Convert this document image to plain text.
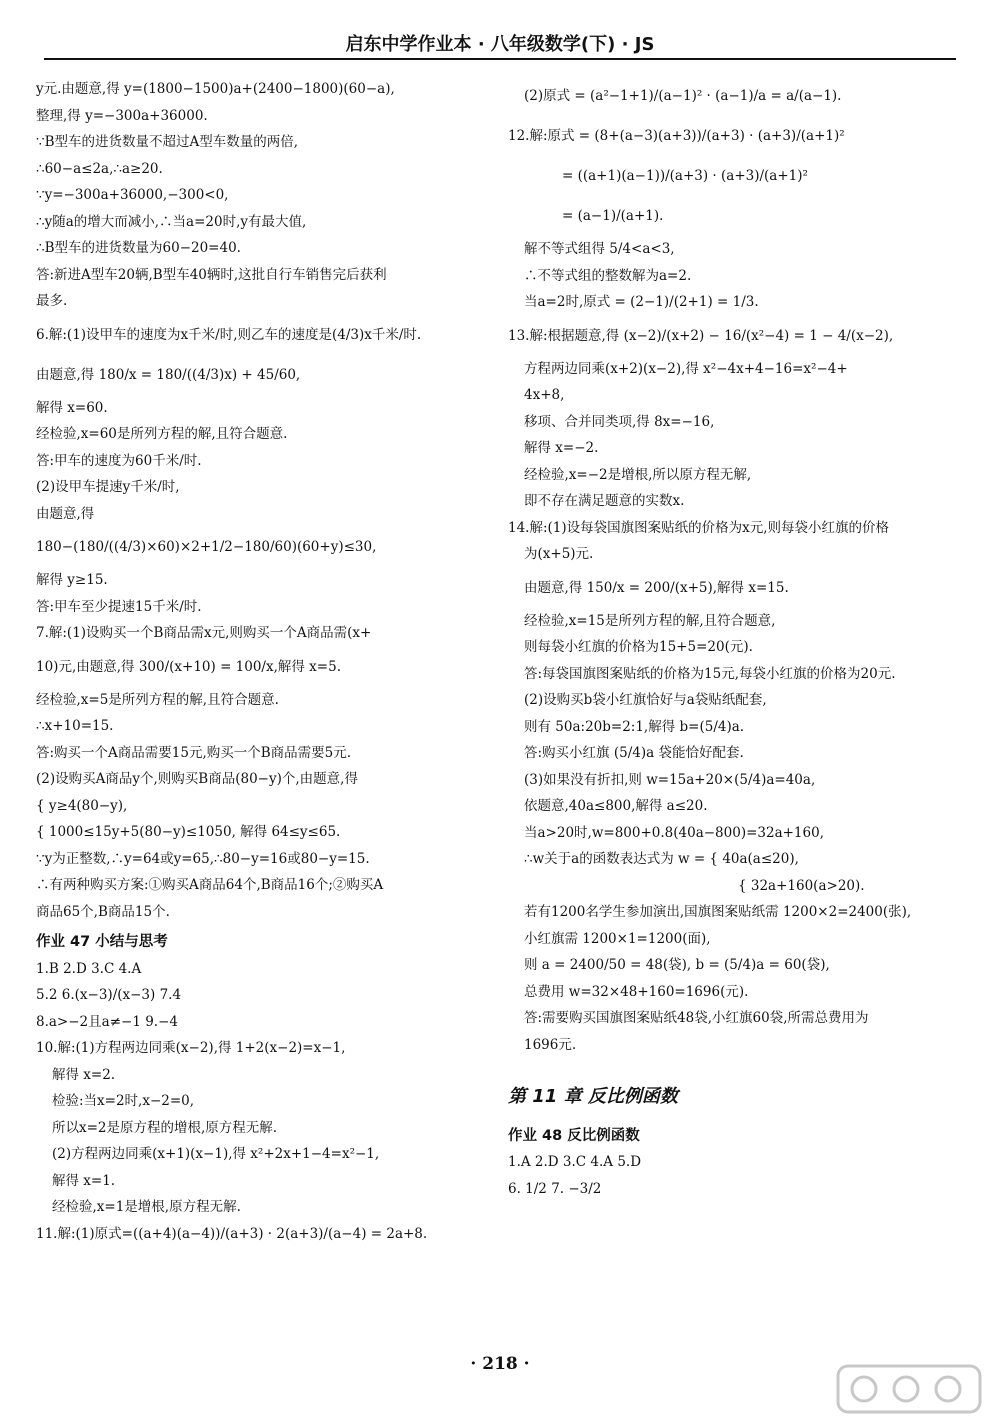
启东中学作业本 · 八年级数学(下) · JS
y元.由题意,得 y=(1800−1500)a+(2400−1800)(60−a),
整理,得 y=−300a+36000.
∵B型车的进货数量不超过A型车数量的两倍,
∴60−a≤2a,∴a≥20.
∵y=−300a+36000,−300<0,
∴y随a的增大而减小,∴当a=20时,y有最大值,
∴B型车的进货数量为60−20=40.
答:新进A型车20辆,B型车40辆时,这批自行车销售完后获利
最多.
6.解:(1)设甲车的速度为x千米/时,则乙车的速度是(4/3)x千米/时.
由题意,得 180/x = 180/((4/3)x) + 45/60,
解得 x=60.
经检验,x=60是所列方程的解,且符合题意.
答:甲车的速度为60千米/时.
(2)设甲车提速y千米/时,
由题意,得
180−(180/((4/3)×60)×2+1/2−180/60)(60+y)≤30,
解得 y≥15.
答:甲车至少提速15千米/时.
7.解:(1)设购买一个B商品需x元,则购买一个A商品需(x+
10)元,由题意,得 300/(x+10) = 100/x,解得 x=5.
经检验,x=5是所列方程的解,且符合题意.
∴x+10=15.
答:购买一个A商品需要15元,购买一个B商品需要5元.
(2)设购买A商品y个,则购买B商品(80−y)个,由题意,得
{ y≥4(80−y),
{ 1000≤15y+5(80−y)≤1050, 解得 64≤y≤65.
∵y为正整数,∴y=64或y=65,∴80−y=16或80−y=15.
∴有两种购买方案:①购买A商品64个,B商品16个;②购买A
商品65个,B商品15个.
作业 47 小结与思考
1.B 2.D 3.C 4.A
5.2 6.(x−3)/(x−3) 7.4
8.a>−2且a≠−1 9.−4
10.解:(1)方程两边同乘(x−2),得 1+2(x−2)=x−1,
解得 x=2.
检验:当x=2时,x−2=0,
所以x=2是原方程的增根,原方程无解.
(2)方程两边同乘(x+1)(x−1),得 x²+2x+1−4=x²−1,
解得 x=1.
经检验,x=1是增根,原方程无解.
11.解:(1)原式=((a+4)(a−4))/(a+3) · 2(a+3)/(a−4) = 2a+8.
(2)原式 = (a²−1+1)/(a−1)² · (a−1)/a = a/(a−1).
12.解:原式 = (8+(a−3)(a+3))/(a+3) · (a+3)/(a+1)²
= ((a+1)(a−1))/(a+3) · (a+3)/(a+1)²
= (a−1)/(a+1).
解不等式组得 5/4<a<3,
∴不等式组的整数解为a=2.
当a=2时,原式 = (2−1)/(2+1) = 1/3.
13.解:根据题意,得 (x−2)/(x+2) − 16/(x²−4) = 1 − 4/(x−2),
方程两边同乘(x+2)(x−2),得 x²−4x+4−16=x²−4+
4x+8,
移项、合并同类项,得 8x=−16,
解得 x=−2.
经检验,x=−2是增根,所以原方程无解,
即不存在满足题意的实数x.
14.解:(1)设每袋国旗图案贴纸的价格为x元,则每袋小红旗的价格
为(x+5)元.
由题意,得 150/x = 200/(x+5),解得 x=15.
经检验,x=15是所列方程的解,且符合题意,
则每袋小红旗的价格为15+5=20(元).
答:每袋国旗图案贴纸的价格为15元,每袋小红旗的价格为20元.
(2)设购买b袋小红旗恰好与a袋贴纸配套,
则有 50a:20b=2:1,解得 b=(5/4)a.
答:购买小红旗 (5/4)a 袋能恰好配套.
(3)如果没有折扣,则 w=15a+20×(5/4)a=40a,
依题意,40a≤800,解得 a≤20.
当a>20时,w=800+0.8(40a−800)=32a+160,
∴w关于a的函数表达式为 w = { 40a(a≤20),
{ 32a+160(a>20).
若有1200名学生参加演出,国旗图案贴纸需 1200×2=2400(张),
小红旗需 1200×1=1200(面),
则 a = 2400/50 = 48(袋), b = (5/4)a = 60(袋),
总费用 w=32×48+160=1696(元).
答:需要购买国旗图案贴纸48袋,小红旗60袋,所需总费用为
1696元.
第 11 章 反比例函数
作业 48 反比例函数
1.A 2.D 3.C 4.A 5.D
6. 1/2 7. −3/2
· 218 ·
